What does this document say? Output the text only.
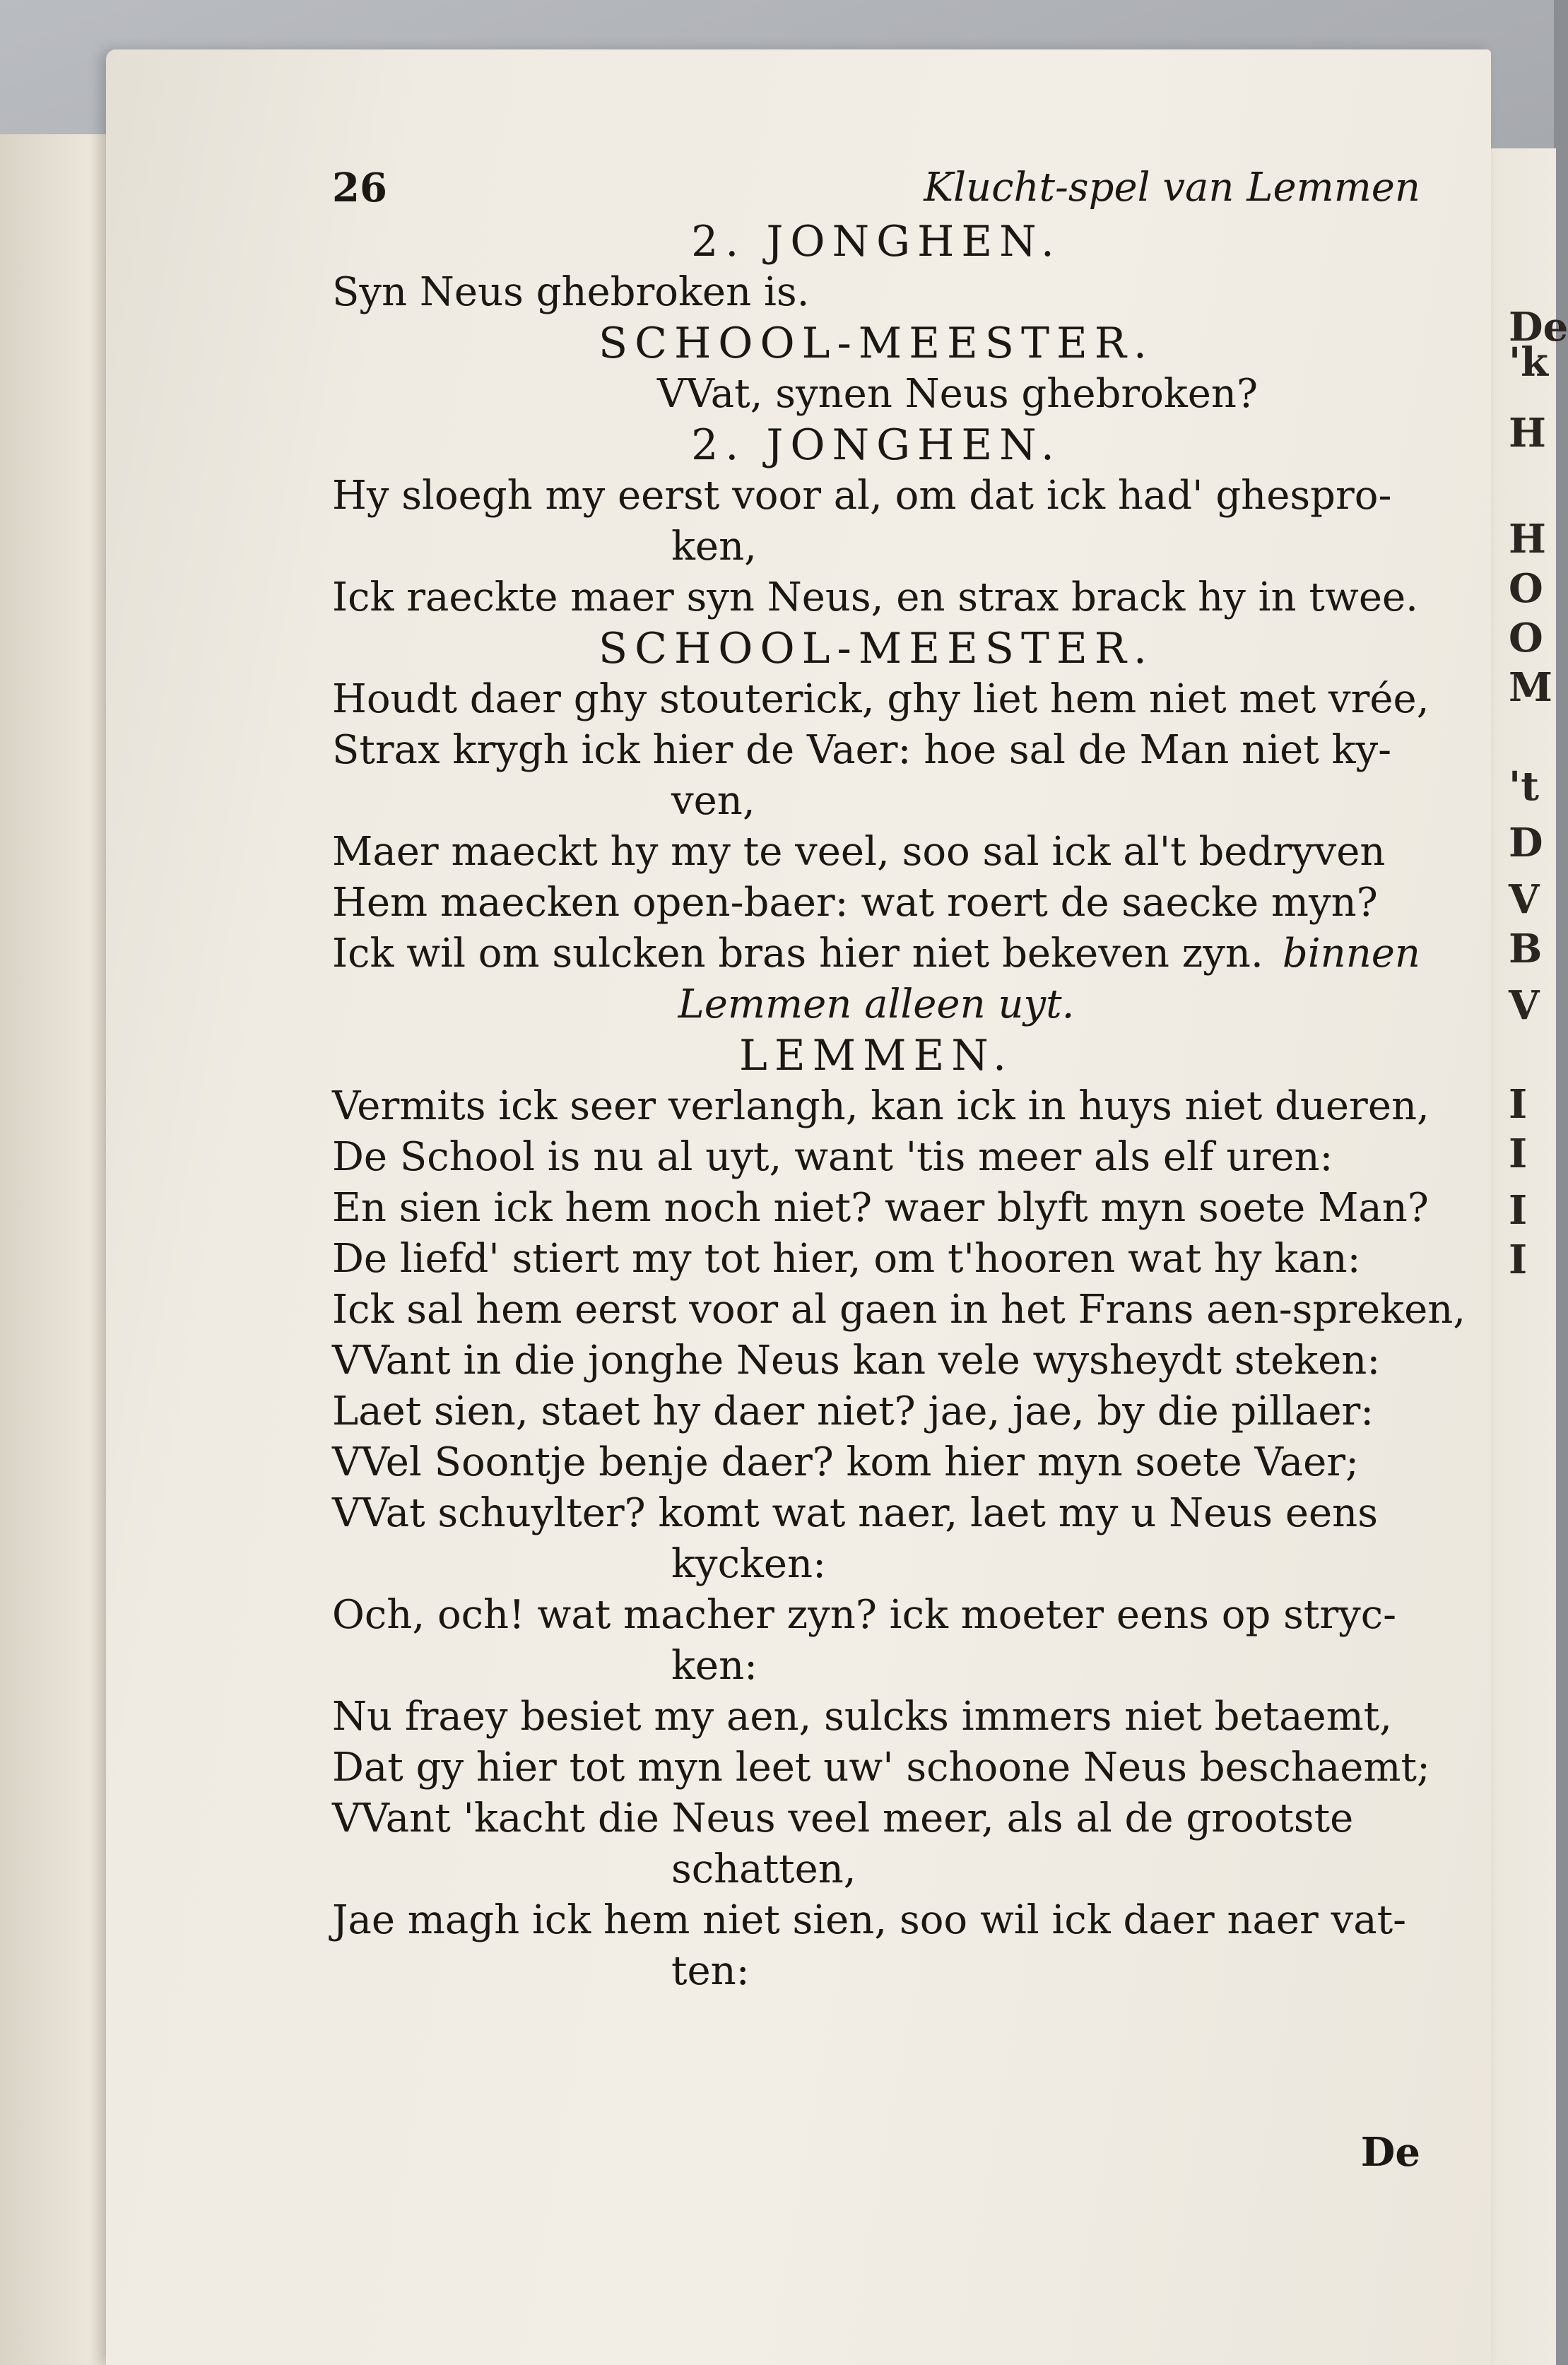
De
'k
H
H
O
O
M
't
D
V
B
V
I
I
I
I
26	Klucht-spel van Lemmen
2. JONGHEN.
Syn Neus ghebroken is.
SCHOOL-MEESTER.
VVat, synen Neus ghebroken?
2. JONGHEN.
Hy sloegh my eerst voor al, om dat ick had' ghespro-
ken,
Ick raeckte maer syn Neus, en strax brack hy in twee.
SCHOOL-MEESTER.
Houdt daer ghy stouterick, ghy liet hem niet met vrée,
Strax krygh ick hier de Vaer: hoe sal de Man niet ky-
ven,
Maer maeckt hy my te veel, soo sal ick al't bedryven
Hem maecken open-baer: wat roert de saecke myn?
Ick wil om sulcken bras hier niet bekeven zyn. binnen
Lemmen alleen uyt.
LEMMEN.
Vermits ick seer verlangh, kan ick in huys niet dueren,
De School is nu al uyt, want 'tis meer als elf uren:
En sien ick hem noch niet? waer blyft myn soete Man?
De liefd' stiert my tot hier, om t'hooren wat hy kan:
Ick sal hem eerst voor al gaen in het Frans aen-spreken,
VVant in die jonghe Neus kan vele wysheydt steken:
Laet sien, staet hy daer niet? jae, jae, by die pillaer:
VVel Soontje benje daer? kom hier myn soete Vaer;
VVat schuylter? komt wat naer, laet my u Neus eens
kycken:
Och, och! wat macher zyn? ick moeter eens op stryc-
ken:
Nu fraey besiet my aen, sulcks immers niet betaemt,
Dat gy hier tot myn leet uw' schoone Neus beschaemt;
VVant 'kacht die Neus veel meer, als al de grootste
schatten,
Jae magh ick hem niet sien, soo wil ick daer naer vat-
ten:
De
